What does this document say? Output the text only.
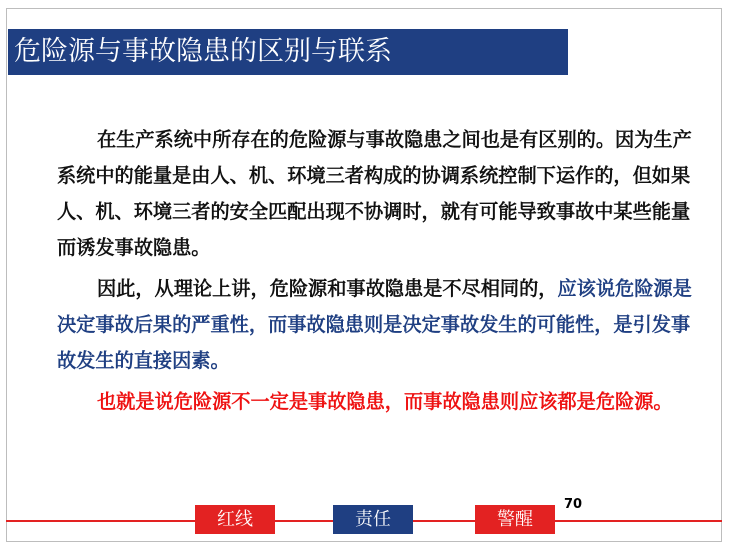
危险源与事故隐患的区别与联系

在生产系统中所存在的危险源与事故隐患之间也是有区别的。因为生产系统中的能量是由人、机、环境三者构成的协调系统控制下运作的，但如果人、机、环境三者的安全匹配出现不协调时，就有可能导致事故中某些能量而诱发事故隐患。

因此，从理论上讲，危险源和事故隐患是不尽相同的，应该说危险源是决定事故后果的严重性，而事故隐患则是决定事故发生的可能性，是引发事故发生的直接因素。

也就是说危险源不一定是事故隐患，而事故隐患则应该都是危险源。

70
红线	责任	警醒
